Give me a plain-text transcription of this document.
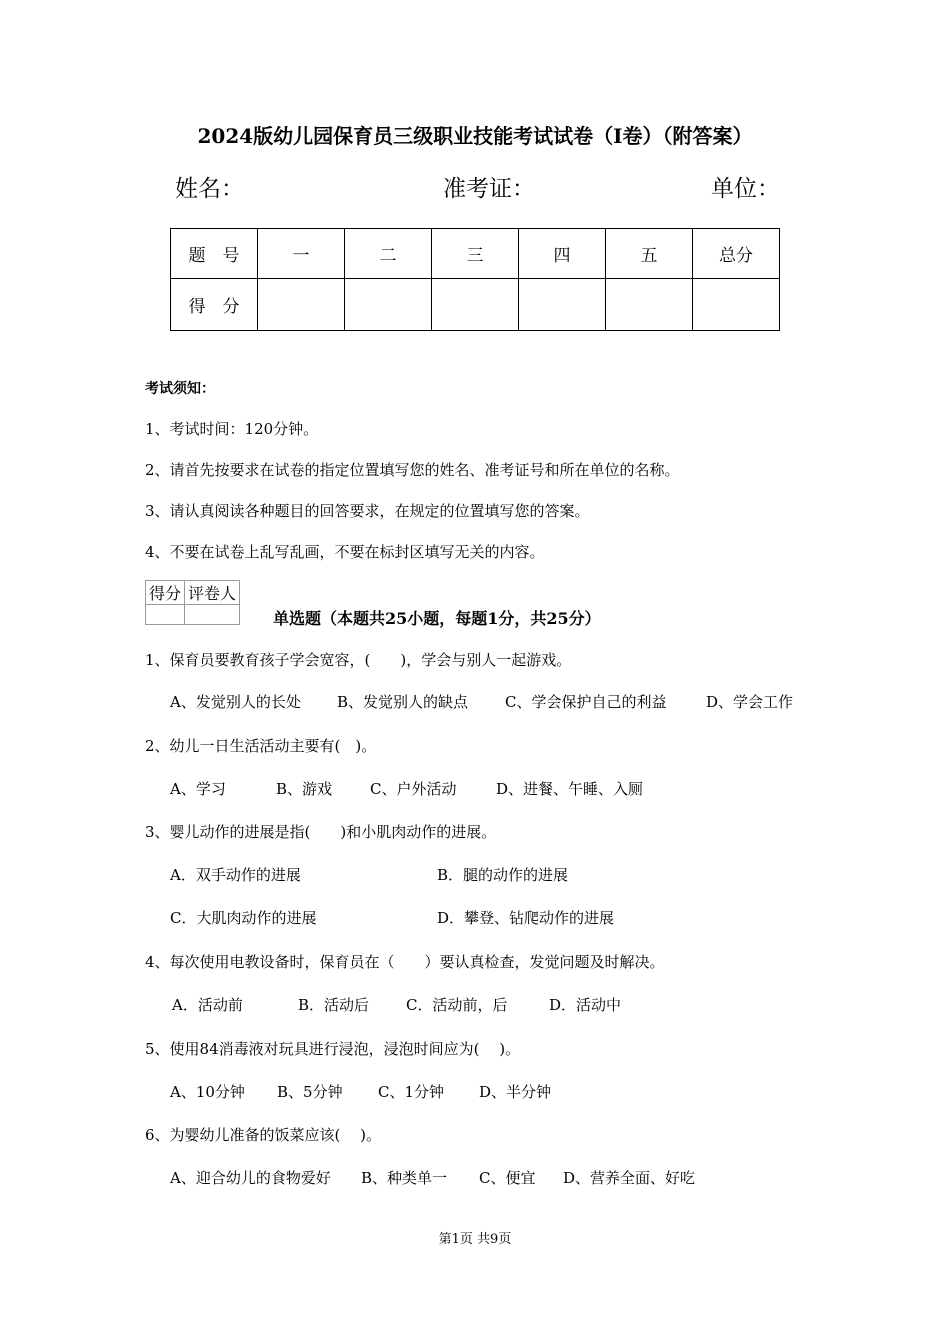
2024版幼儿园保育员三级职业技能考试试卷（I卷）（附答案）
姓名：	准考证：	单位：
题　号	一	二	三	四	五	总分
得　分						
考试须知：
1、考试时间：120分钟。
2、请首先按要求在试卷的指定位置填写您的姓名、准考证号和所在单位的名称。
3、请认真阅读各种题目的回答要求，在规定的位置填写您的答案。
4、不要在试卷上乱写乱画，不要在标封区填写无关的内容。
得分	评卷人

单选题（本题共25小题，每题1分，共25分）
1、保育员要教育孩子学会宽容，(　　)，学会与别人一起游戏。
A、发觉别人的长处 B、发觉别人的缺点 C、学会保护自己的利益	D、学会工作
2、幼儿一日生活活动主要有(　)。
A、学习	B、游戏	C、户外活动	D、进餐、午睡、入厕
3、婴儿动作的进展是指(　　)和小肌肉动作的进展。
A．双手动作的进展	B．腿的动作的进展
C．大肌肉动作的进展	D．攀登、钻爬动作的进展
4、每次使用电教设备时，保育员在（　　）要认真检查，发觉问题及时解决。
A．活动前	B．活动后 C．活动前，后	D．活动中
5、使用84消毒液对玩具进行浸泡，浸泡时间应为(　 )。
A、10分钟 B、5分钟 C、1分钟 D、半分钟
6、为婴幼儿准备的饭菜应该(　 )。
A、迎合幼儿的食物爱好 B、种类单一 C、便宜 D、营养全面、好吃
第1页 共9页
